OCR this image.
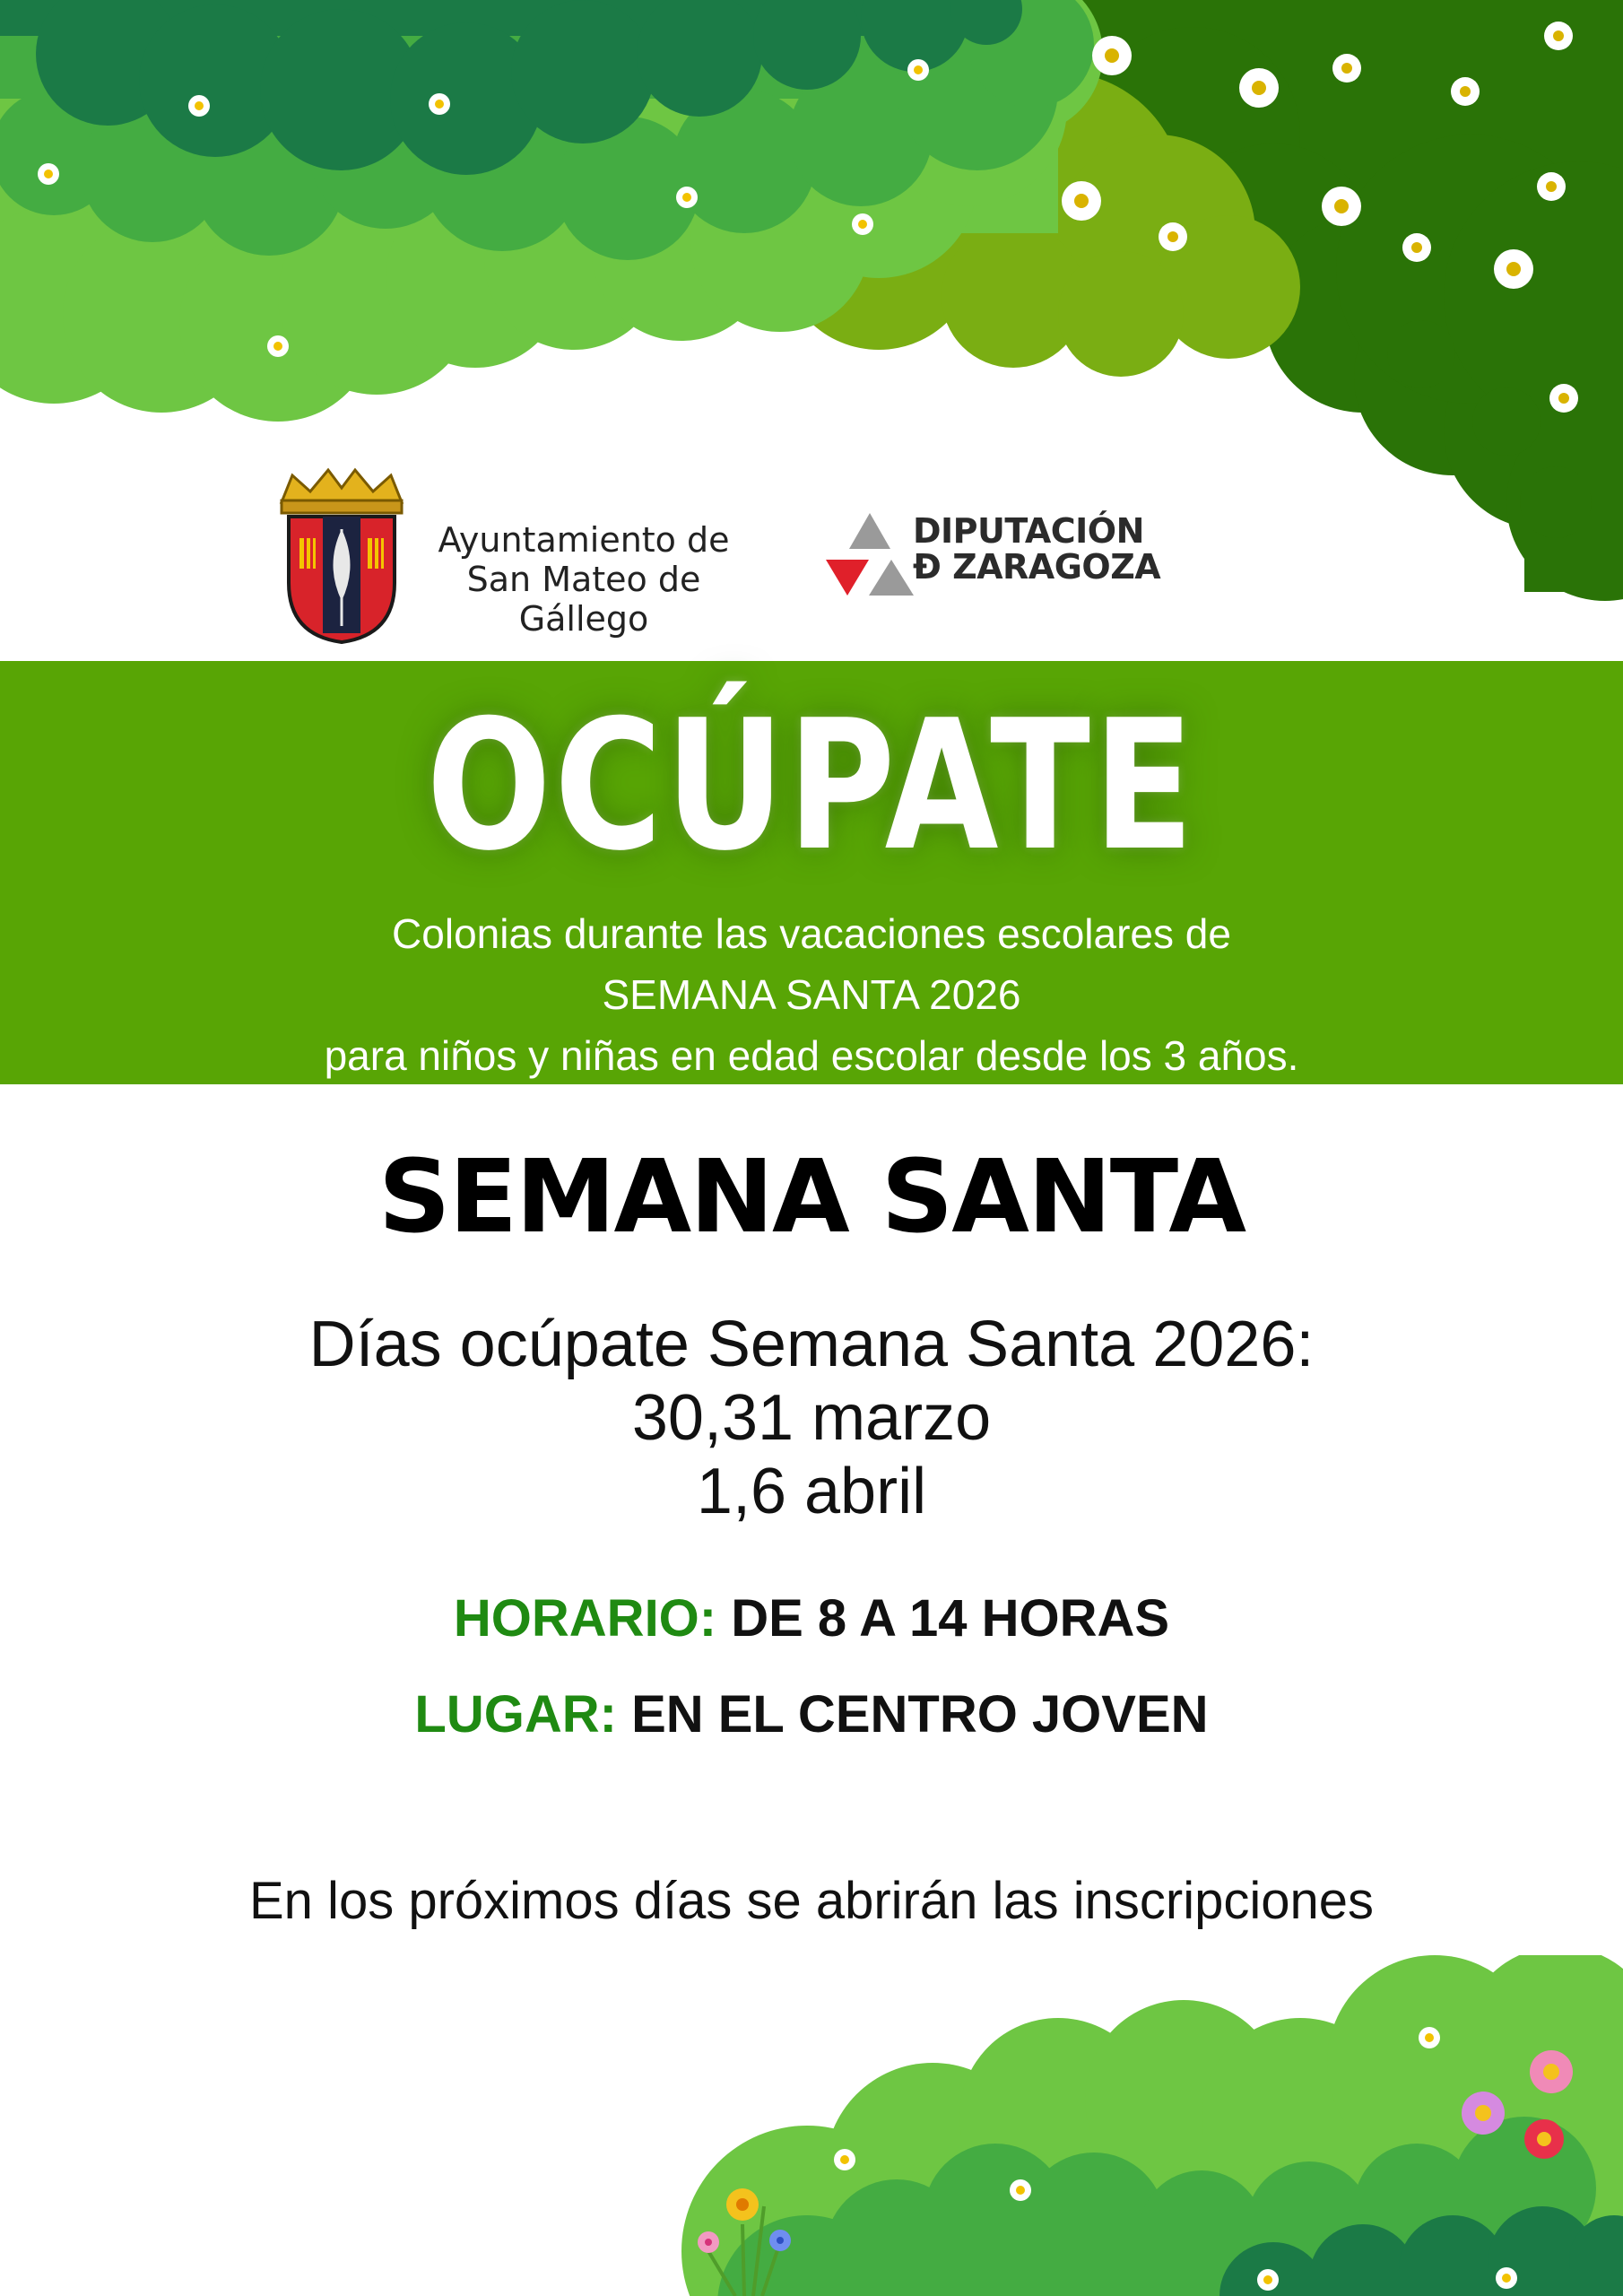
Ayuntamiento de
San Mateo de Gállego
DIPUTACIÓN
Ð ZARAGOZA
OCÚPATE
Colonias durante las vacaciones escolares de
SEMANA SANTA 2026
para niños y niñas en edad escolar desde los 3 años.
SEMANA SANTA
Días ocúpate Semana Santa 2026:
30,31 marzo
1,6 abril
HORARIO: DE 8 A 14 HORAS
LUGAR: EN EL CENTRO JOVEN
En los próximos días se abrirán las inscripciones
